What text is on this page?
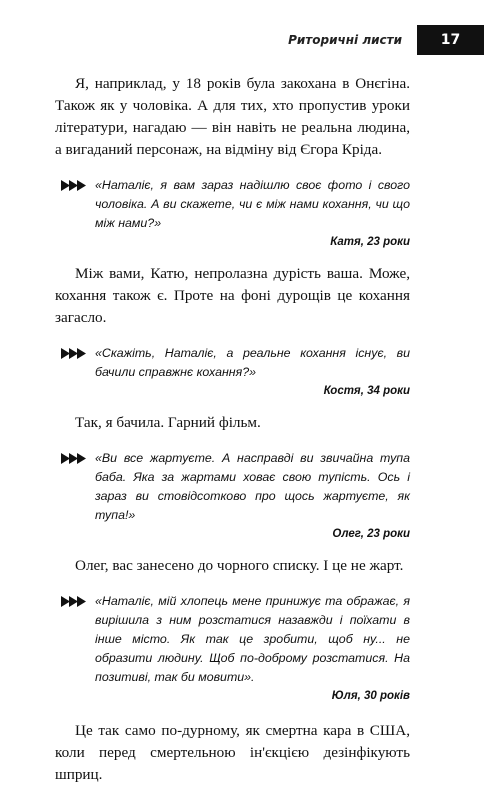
Риторичні листи	17

Я, наприклад, у 18 років була закохана в Онєгіна. Також як у чоловіка. А для тих, хто пропустив уроки літератури, нагадаю — він навіть не реальна людина, а вигаданий персонаж, на відміну від Єгора Кріда.

«Наталіє, я вам зараз надішлю своє фото і свого чоловіка. А ви скажете, чи є між нами кохання, чи що між нами?»

Катя, 23 роки

Між вами, Катю, непролазна дурість ваша. Може, кохання також є. Проте на фоні дурощів це кохання загасло.

«Скажіть, Наталіє, а реальне кохання існує, ви бачили справжнє кохання?»

Костя, 34 роки

Так, я бачила. Гарний фільм.

«Ви все жартуєте. А насправді ви звичайна тупа баба. Яка за жартами ховає свою тупість. Ось і зараз ви стовідсотково про щось жартуєте, як тупа!»

Олег, 23 роки

Олег, вас занесено до чорного списку. І це не жарт.

«Наталіє, мій хлопець мене принижує та ображає, я вирішила з ним розстатися назавжди і поїхати в інше місто. Як так це зробити, щоб ну... не образити людину. Щоб по-доброму розстатися. На позитиві, так би мовити».

Юля, 30 років

Це так само по-дурному, як смертна кара в США, коли перед смертельною ін'єкцією дезінфікують шприц.
